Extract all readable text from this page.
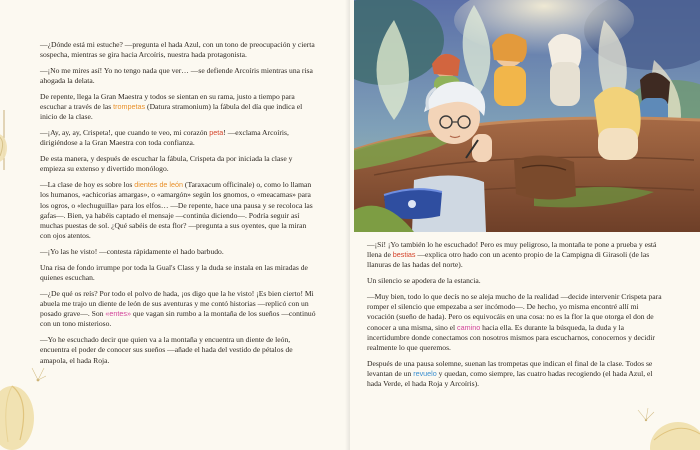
—¿Dónde está mi estuche? —pregunta el hada Azul, con un tono de preocupación y cierta sospecha, mientras se gira hacia Arcoíris, nuestra hada protagonista.

—¡No me mires así! Yo no tengo nada que ver… —se defiende Arcoíris mientras una risa ahogada la delata.

De repente, llega la Gran Maestra y todos se sientan en su rama, justo a tiempo para escuchar a través de las trompetas (Datura stramonium) la fábula del día que indica el inicio de la clase.

—¡Ay, ay, ay, Crispeta!, que cuando te veo, mi corazón peta! —exclama Arcoíris, dirigiéndose a la Gran Maestra con toda confianza.

De esta manera, y después de escuchar la fábula, Crispeta da por iniciada la clase y empieza su extenso y divertido monólogo.

—La clase de hoy es sobre los dientes de león (Taraxacum officinale) o, como lo llaman los humanos, «achicorias amargas», o «amargón» según los gnomos, o «meacamas» para los ogros, o «lechuguilla» para los elfos… —De repente, hace una pausa y se recoloca las gafas—. Bien, ya habéis captado el mensaje —continúa diciendo—. Podría seguir así muchas puestas de sol. ¿Qué sabéis de esta flor? —pregunta a sus oyentes, que la miran con ojos atentos.

—¡Yo las he visto! —contesta rápidamente el hado barbudo.

Una risa de fondo irrumpe por toda la Gual's Class y la duda se instala en las miradas de quienes escuchan.

—¿De qué os reís? Por todo el polvo de hada, ¡os digo que la he visto! ¡Es bien cierto! Mi abuela me trajo un diente de león de sus aventuras y me contó historias —replicó con un posado grave—. Son «entes» que vagan sin rumbo a la montaña de los sueños —continuó con un tono misterioso.

—Yo he escuchado decir que quien va a la montaña y encuentra un diente de león, encuentra el poder de conocer sus sueños —añade el hada del vestido de pétalos de amapola, el hada Roja.

—¡Sí! ¡Yo también lo he escuchado! Pero es muy peligroso, la montaña te pone a prueba y está llena de bestias —explica otro hado con un acento propio de la Campigna di Girasoli (de las llanuras de las hadas del norte).

Un silencio se apodera de la estancia.

—Muy bien, todo lo que decís no se aleja mucho de la realidad —decide intervenir Crispeta para romper el silencio que empezaba a ser incómodo—. De hecho, yo misma encontré allí mi vocación (sueño de hada). Pero os equivocáis en una cosa: no es la flor la que otorga el don de conocer a una misma, sino el camino hacia ella. Es durante la búsqueda, la duda y la incertidumbre donde conectamos con nosotros mismos para escucharnos, conocernos y decidir realmente lo que queremos.

Después de una pausa solemne, suenan las trompetas que indican el final de la clase. Todos se levantan de un revuelo y quedan, como siempre, las cuatro hadas recogiendo (el hada Azul, el hada Verde, el hada Roja y Arcoíris).
